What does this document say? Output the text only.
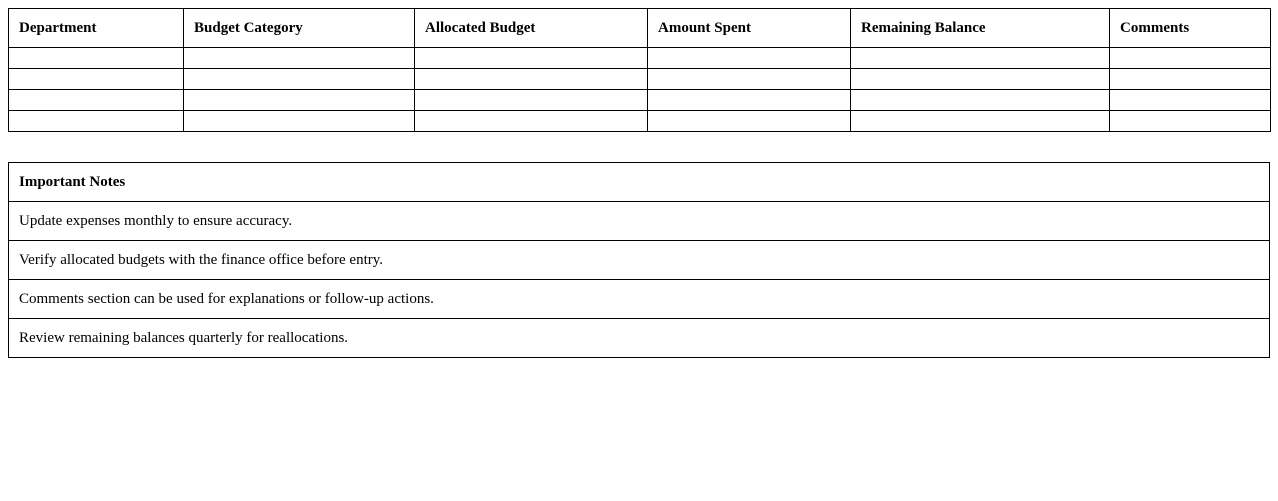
Department	Budget Category	Allocated Budget	Amount Spent	Remaining Balance	Comments

Important Notes
Update expenses monthly to ensure accuracy.
Verify allocated budgets with the finance office before entry.
Comments section can be used for explanations or follow-up actions.
Review remaining balances quarterly for reallocations.
